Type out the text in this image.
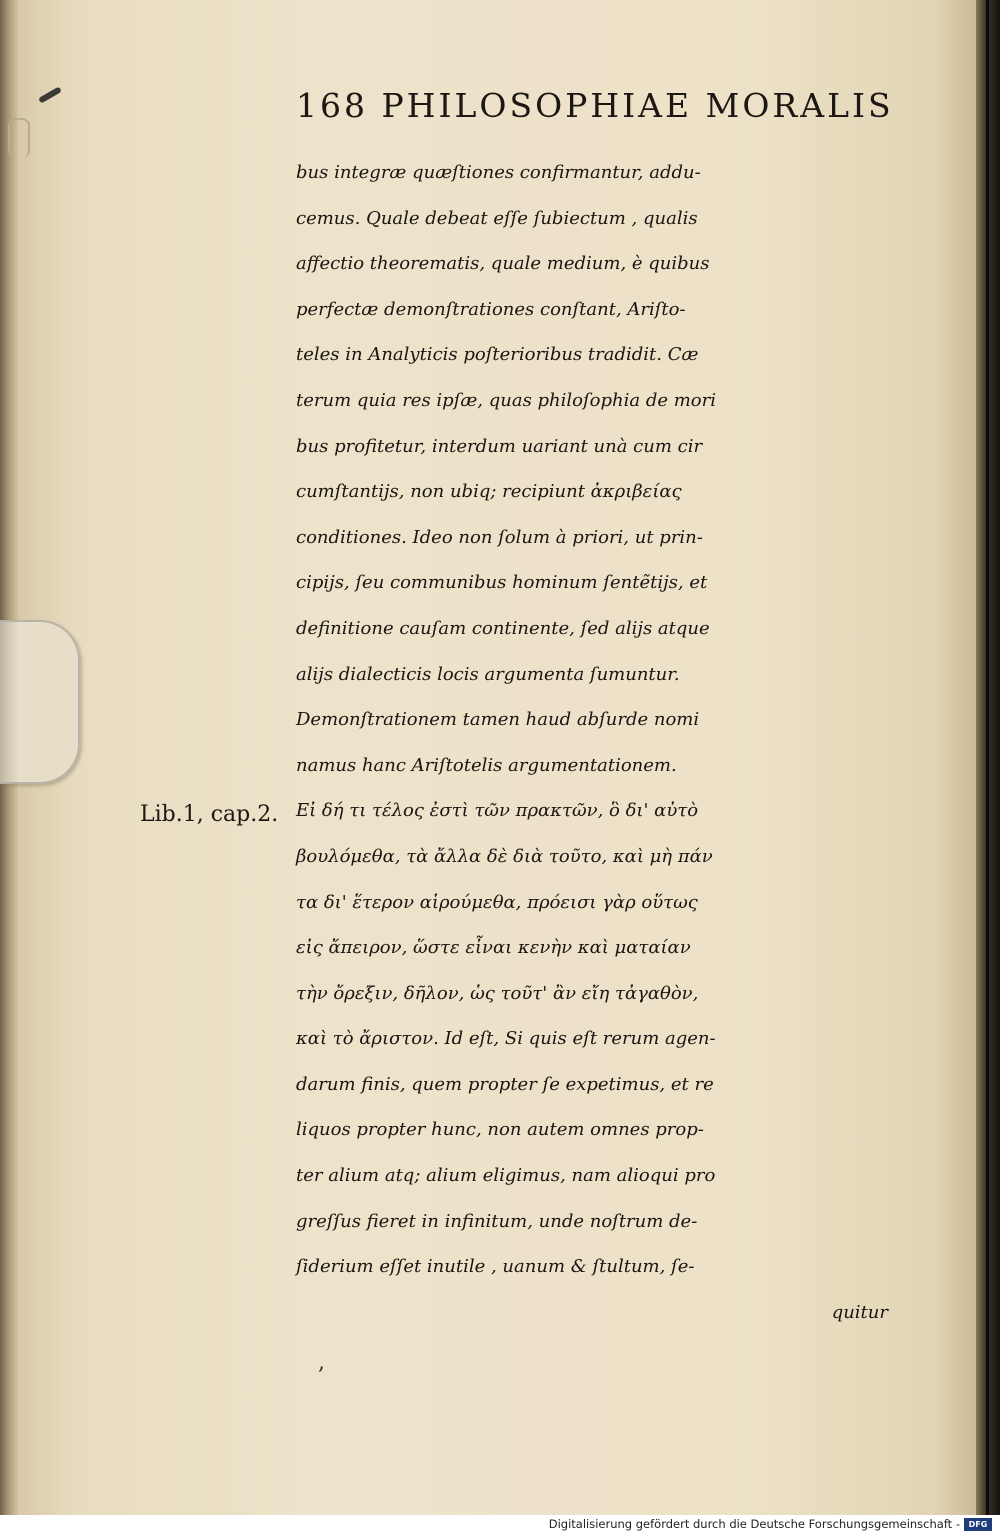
168 PHILOSOPHIAE MORALIS
Lib.1, cap.2.
bus integræ quæſtiones confirmantur, addu-
cemus. Quale debeat eſſe ſubiectum , qualis
affectio theorematis, quale medium, è quibus
perfectæ demonſtrationes conſtant, Ariſto-
teles in Analyticis poſterioribus tradidit. Cæ
terum quia res ipſæ, quas philoſophia de mori
bus profitetur, interdum uariant unà cum cir
cumſtantijs, non ubiq; recipiunt ἀκριβείας
conditiones. Ideo non ſolum à priori, ut prin-
cipijs, ſeu communibus hominum ſentẽtijs, et
definitione cauſam continente, ſed alijs atque
alijs dialecticis locis argumenta ſumuntur.
Demonſtrationem tamen haud abſurde nomi
namus hanc Ariſtotelis argumentationem.
Εἰ δή τι τέλος ἐστὶ τῶν πρακτῶν, ὃ δι' αὐτὸ
βουλόμεθα, τὰ ἄλλα δὲ διὰ τοῦτο, καὶ μὴ πάν
τα δι' ἕτερον αἱρούμεθα, πρόεισι γὰρ οὕτως
εἰς ἄπειρον, ὥστε εἶναι κενὴν καὶ ματαίαν
τὴν ὄρεξιν, δῆλον, ὡς τοῦτ' ἂν εἴη τἀγαθὸν,
καὶ τὸ ἄριστον. Id eſt, Si quis eſt rerum agen-
darum finis, quem propter ſe expetimus, et re
liquos propter hunc, non autem omnes prop-
ter alium atq; alium eligimus, nam alioqui pro
greſſus fieret in infinitum, unde noſtrum de-
ſiderium eſſet inutile , uanum & ſtultum, ſe-
quitur
,
Digitalisierung gefördert durch die Deutsche Forschungsgemeinschaft -	DFG
